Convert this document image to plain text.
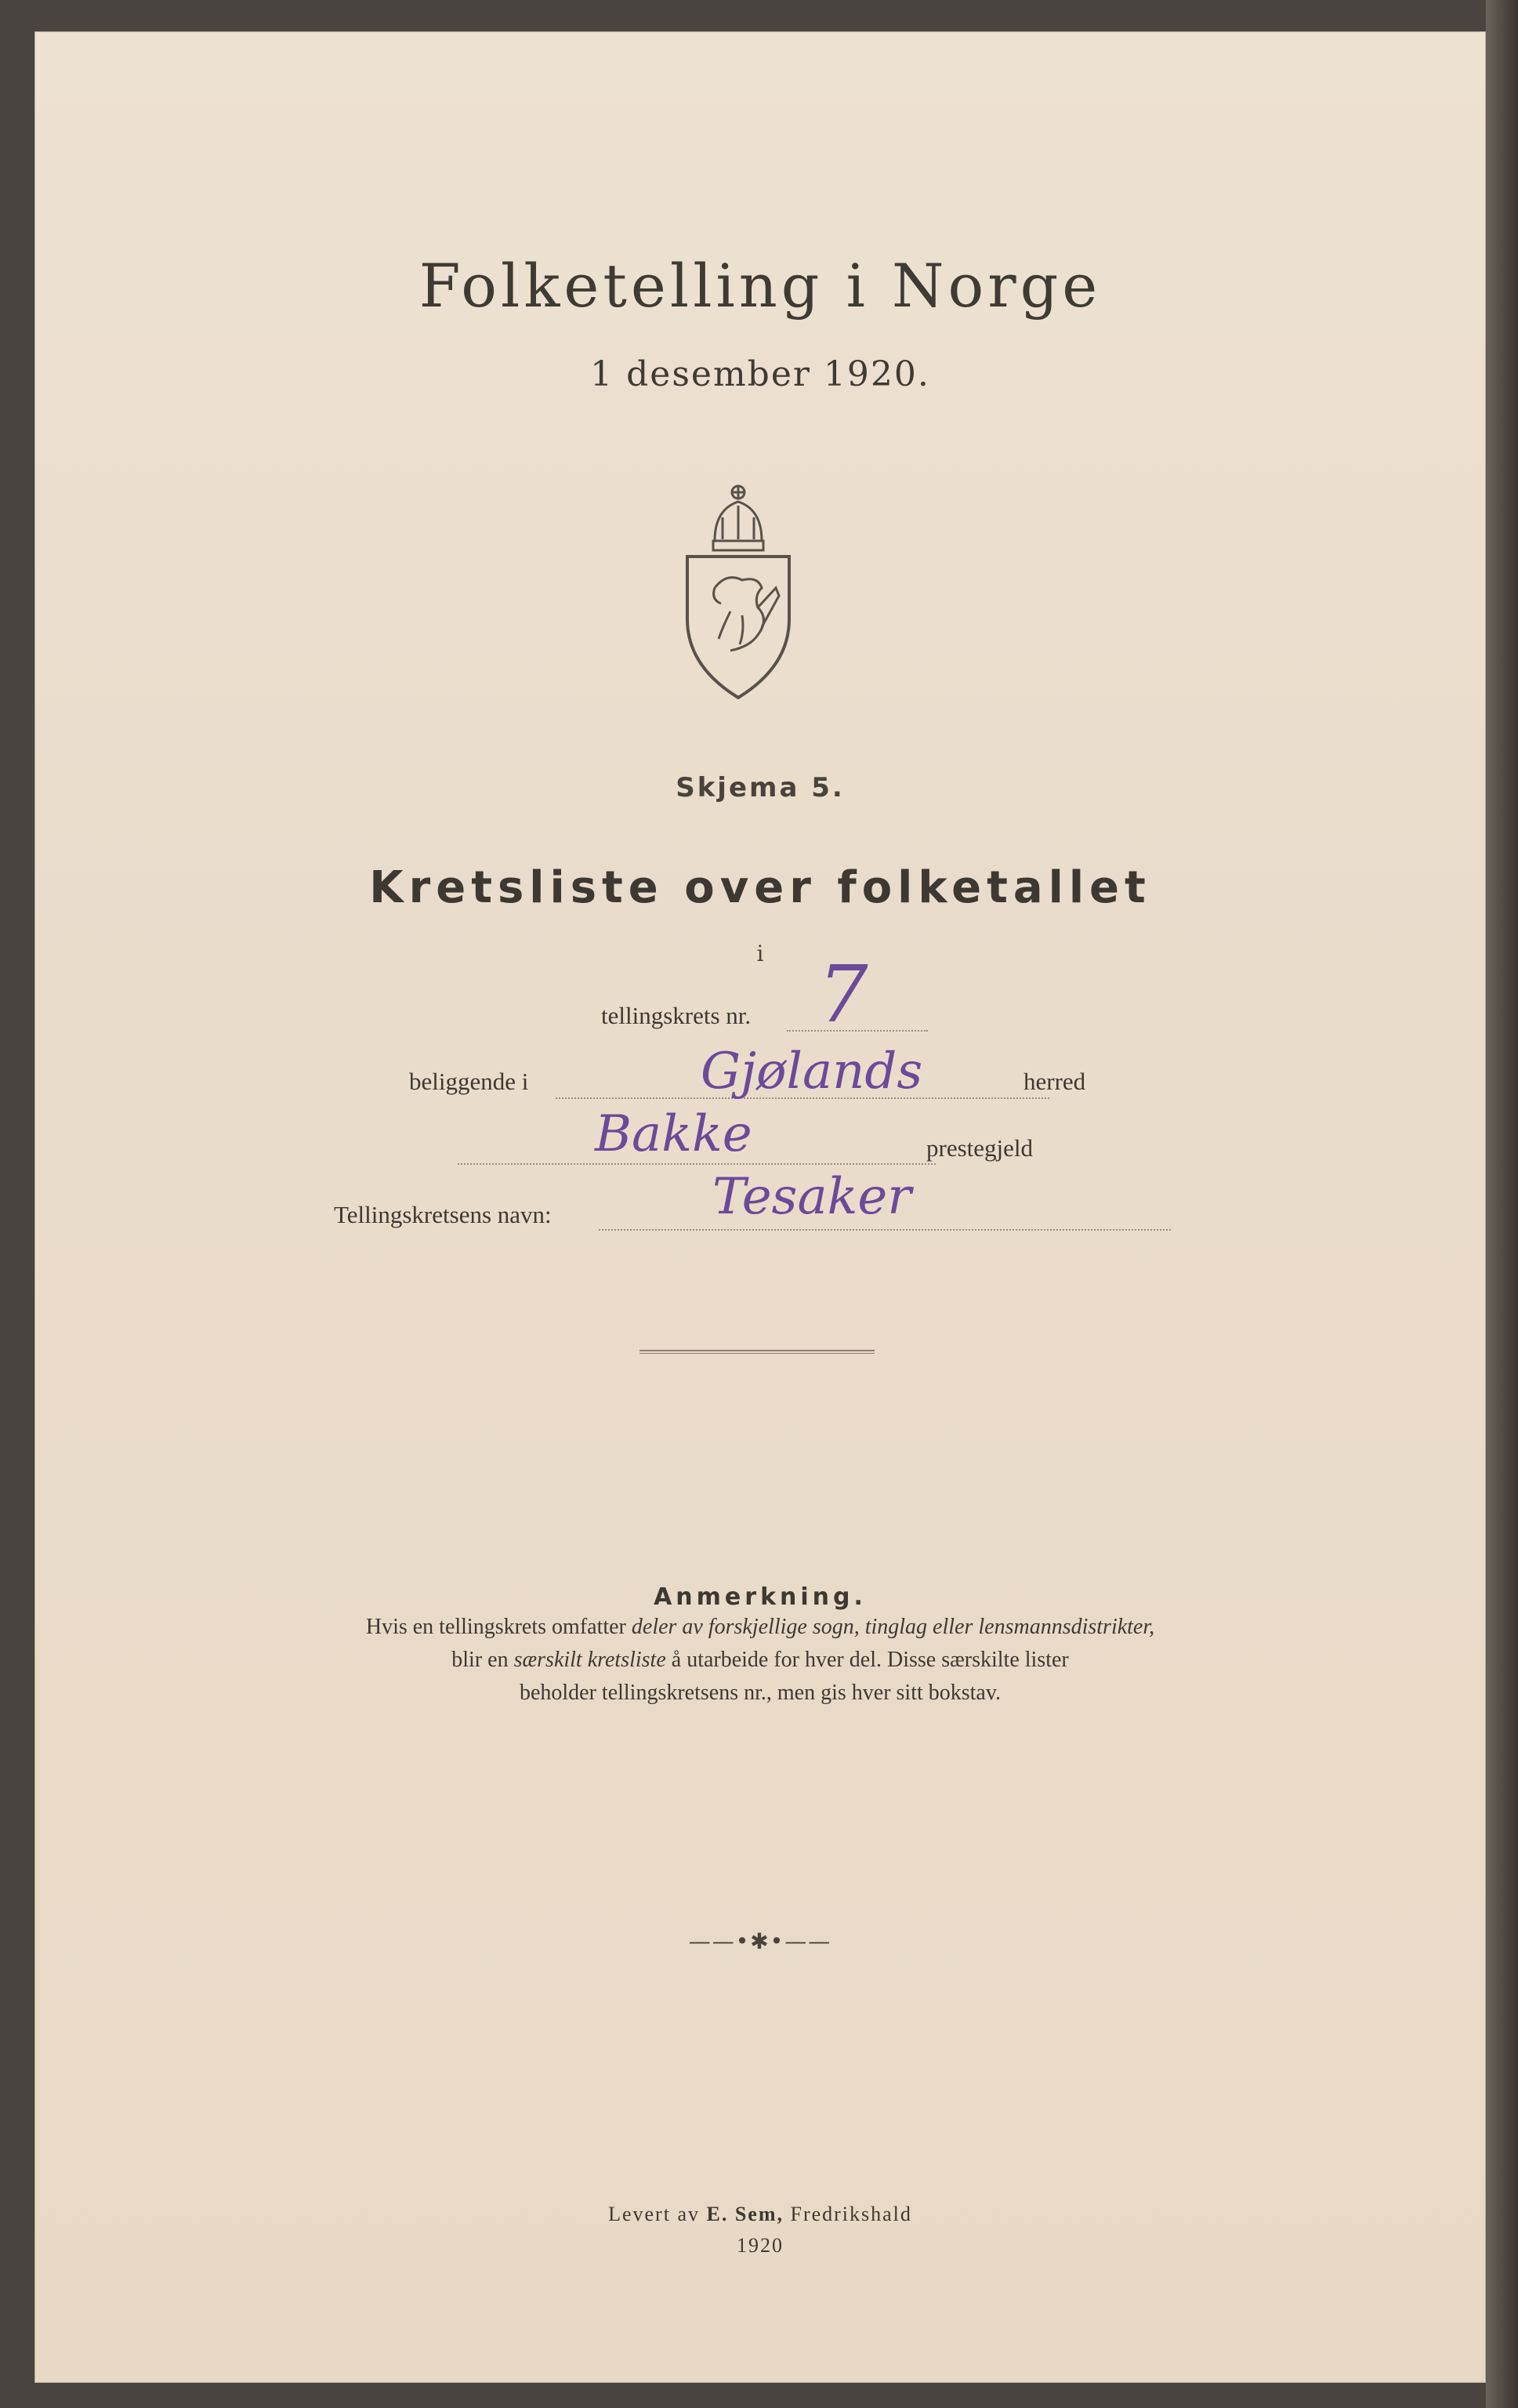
Folketelling i Norge
1 desember 1920.
Skjema 5.
Kretsliste over folketallet
i
tellingskrets nr. 7
beliggende i	Gjølands	herred
Bakke	prestegjeld
Tellingskretsens navn:	Tesaker
Anmerkning.
Hvis en tellingskrets omfatter deler av forskjellige sogn, tinglag eller lensmannsdistrikter,
blir en særskilt kretsliste å utarbeide for hver del. Disse særskilte lister
beholder tellingskretsens nr., men gis hver sitt bokstav.
——•✱•——
Levert av E. Sem, Fredrikshald
1920
